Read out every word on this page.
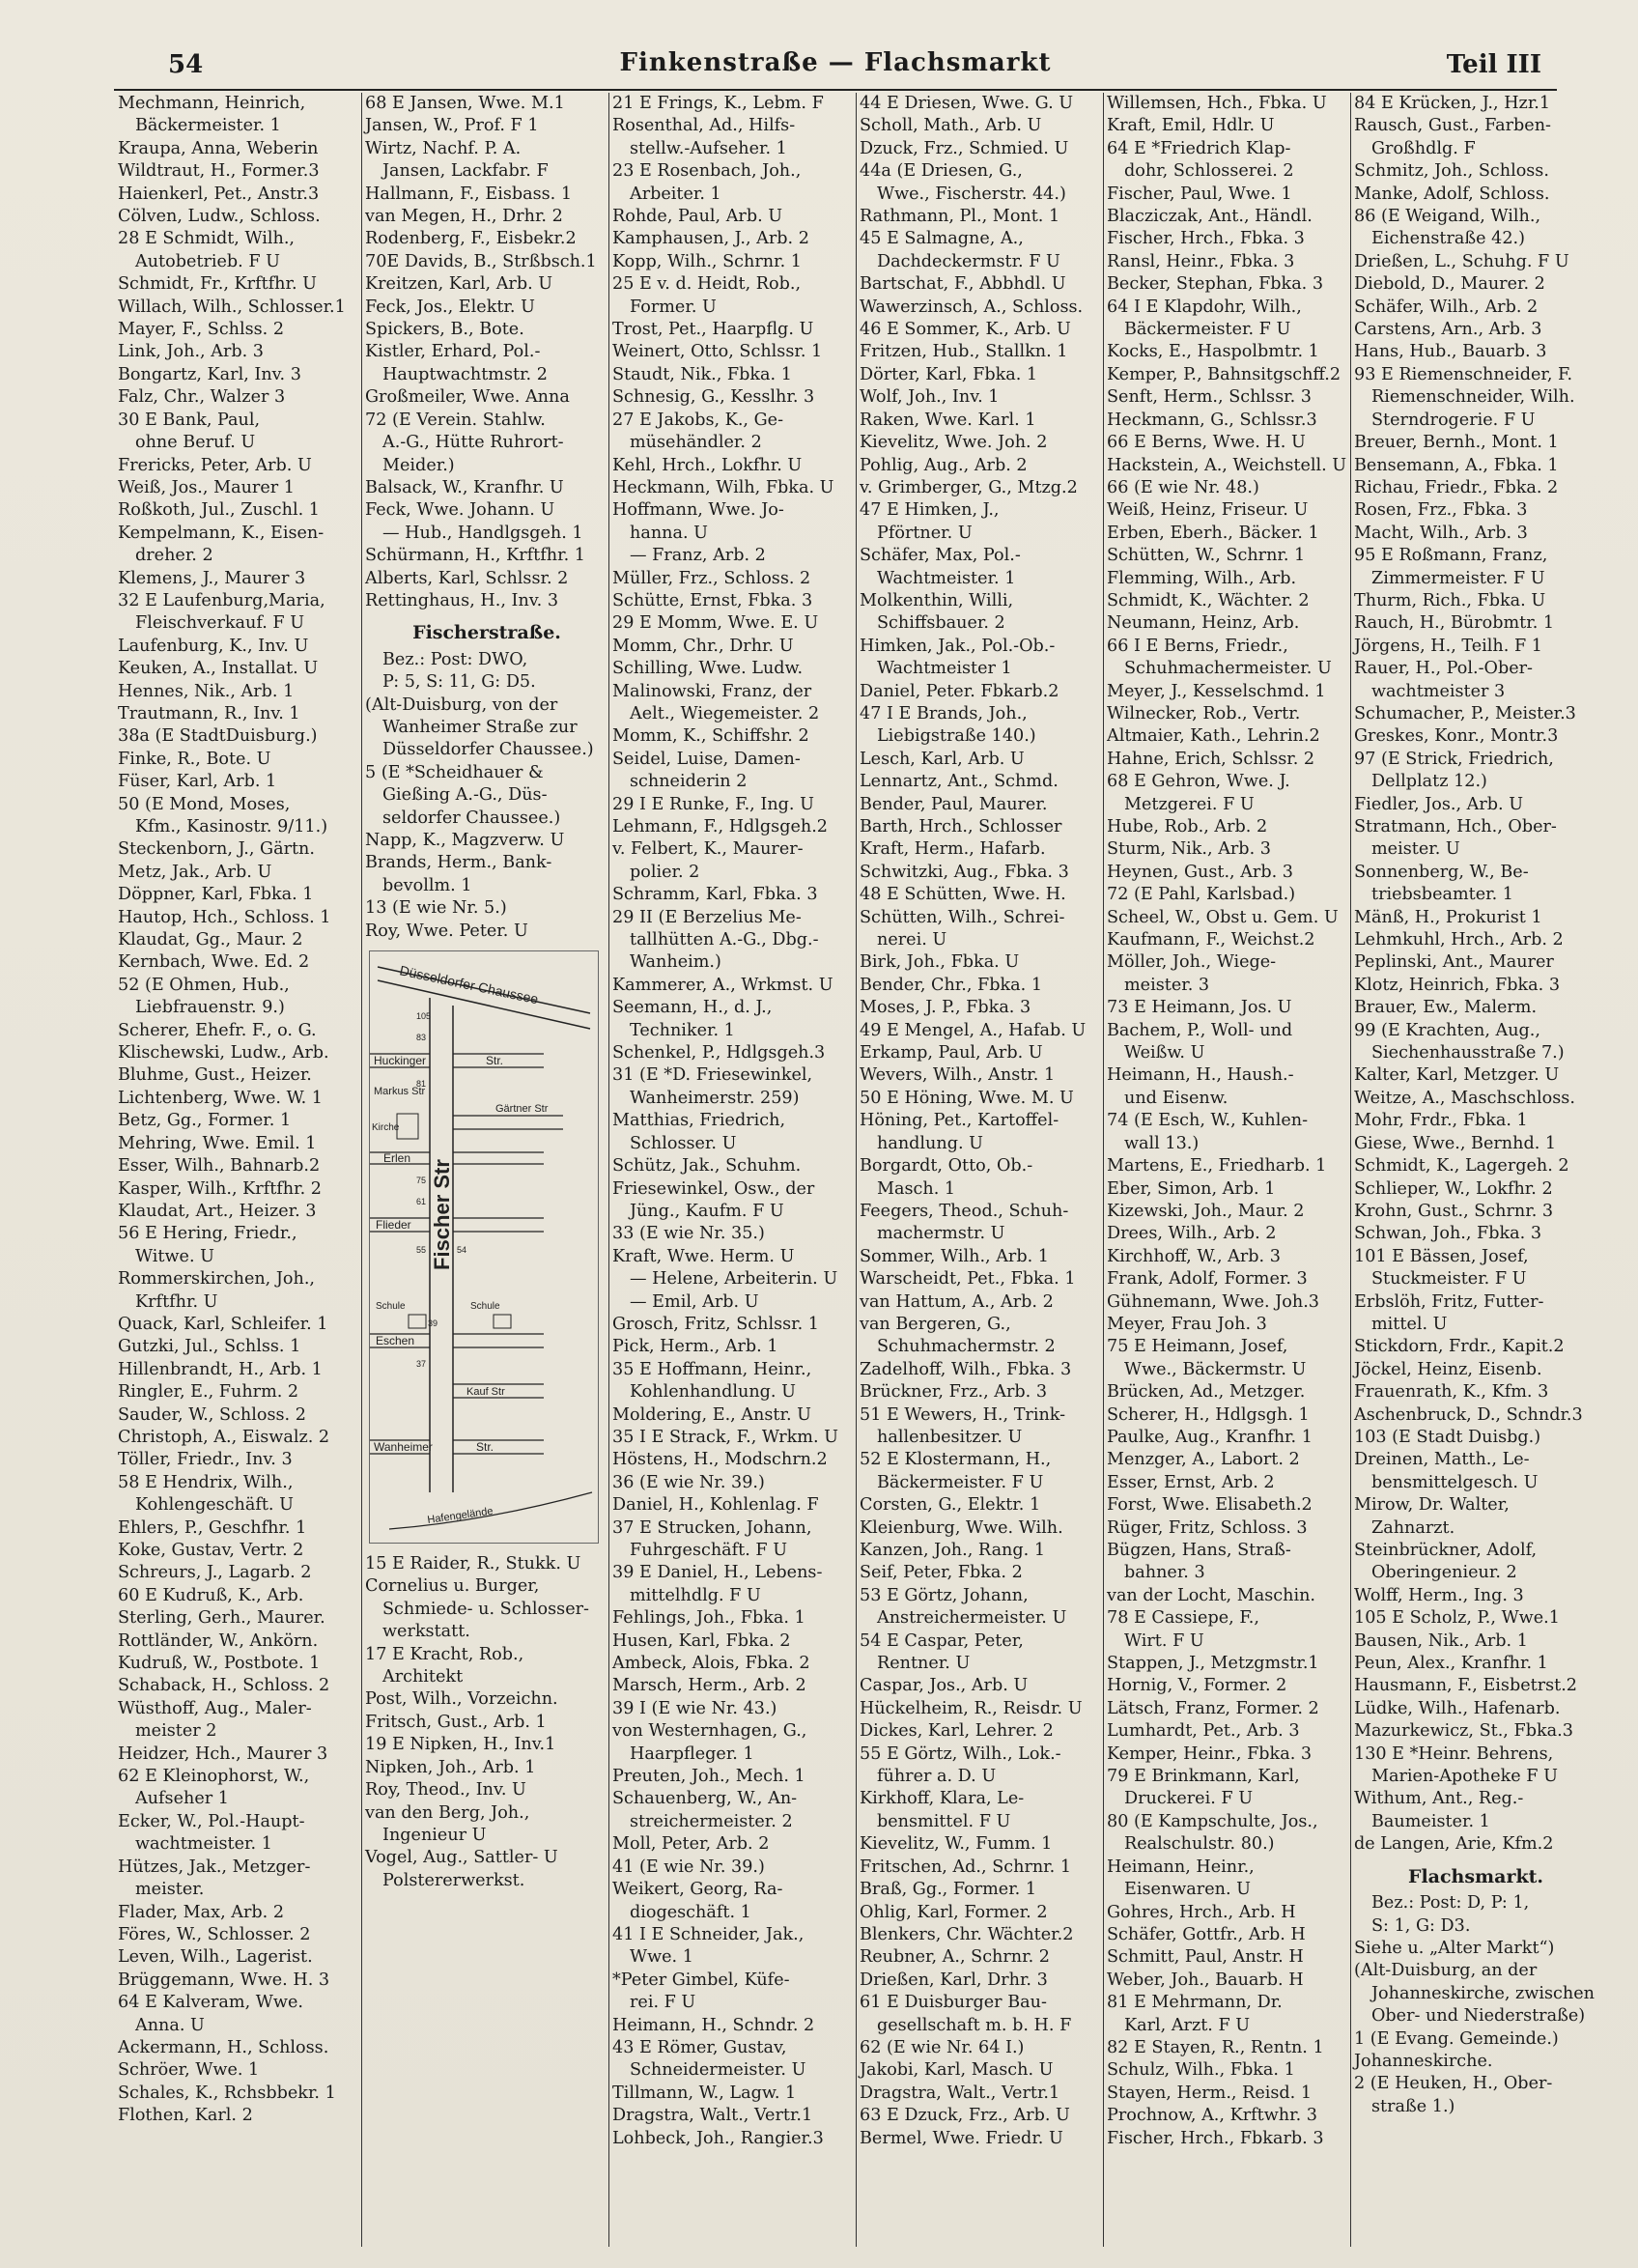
54	Finkenstraße — Flachsmarkt	Teil III
Mechmann, Heinrich,
Bäckermeister. 1
Kraupa, Anna, Weberin
Wildtraut, H., Former.3
Haienkerl, Pet., Anstr.3
Cölven, Ludw., Schloss.
28 E Schmidt, Wilh.,
Autobetrieb. F U
Schmidt, Fr., Krftfhr. U
Willach, Wilh., Schlosser.1
Mayer, F., Schlss. 2
Link, Joh., Arb. 3
Bongartz, Karl, Inv. 3
Falz, Chr., Walzer 3
30 E Bank, Paul,
ohne Beruf. U
Frericks, Peter, Arb. U
Weiß, Jos., Maurer 1
Roßkoth, Jul., Zuschl. 1
Kempelmann, K., Eisen-
dreher. 2
Klemens, J., Maurer 3
32 E Laufenburg,Maria,
Fleischverkauf. F U
Laufenburg, K., Inv. U
Keuken, A., Installat. U
Hennes, Nik., Arb. 1
Trautmann, R., Inv. 1
38a (E StadtDuisburg.)
Finke, R., Bote. U
Füser, Karl, Arb. 1
50 (E Mond, Moses,
Kfm., Kasinostr. 9/11.)
Steckenborn, J., Gärtn.
Metz, Jak., Arb. U
Döppner, Karl, Fbka. 1
Hautop, Hch., Schloss. 1
Klaudat, Gg., Maur. 2
Kernbach, Wwe. Ed. 2
52 (E Ohmen, Hub.,
Liebfrauenstr. 9.)
Scherer, Ehefr. F., o. G.
Klischewski, Ludw., Arb.
Bluhme, Gust., Heizer.
Lichtenberg, Wwe. W. 1
Betz, Gg., Former. 1
Mehring, Wwe. Emil. 1
Esser, Wilh., Bahnarb.2
Kasper, Wilh., Krftfhr. 2
Klaudat, Art., Heizer. 3
56 E Hering, Friedr.,
Witwe. U
Rommerskirchen, Joh.,
Krftfhr. U
Quack, Karl, Schleifer. 1
Gutzki, Jul., Schlss. 1
Hillenbrandt, H., Arb. 1
Ringler, E., Fuhrm. 2
Sauder, W., Schloss. 2
Christoph, A., Eiswalz. 2
Töller, Friedr., Inv. 3
58 E Hendrix, Wilh.,
Kohlengeschäft. U
Ehlers, P., Geschfhr. 1
Koke, Gustav, Vertr. 2
Schreurs, J., Lagarb. 2
60 E Kudruß, K., Arb.
Sterling, Gerh., Maurer.
Rottländer, W., Ankörn.
Kudruß, W., Postbote. 1
Schaback, H., Schloss. 2
Wüsthoff, Aug., Maler-
meister 2
Heidzer, Hch., Maurer 3
62 E Kleinophorst, W.,
Aufseher 1
Ecker, W., Pol.-Haupt-
wachtmeister. 1
Hützes, Jak., Metzger-
meister.
Flader, Max, Arb. 2
Föres, W., Schlosser. 2
Leven, Wilh., Lagerist.
Brüggemann, Wwe. H. 3
64 E Kalveram, Wwe.
Anna. U
Ackermann, H., Schloss.
Schröer, Wwe. 1
Schales, K., Rchsbbekr. 1
Flothen, Karl. 2
68 E Jansen, Wwe. M.1
Jansen, W., Prof. F 1
Wirtz, Nachf. P. A.
Jansen, Lackfabr. F
Hallmann, F., Eisbass. 1
van Megen, H., Drhr. 2
Rodenberg, F., Eisbekr.2
70E Davids, B., Strßbsch.1
Kreitzen, Karl, Arb. U
Feck, Jos., Elektr. U
Spickers, B., Bote.
Kistler, Erhard, Pol.-
Hauptwachtmstr. 2
Großmeiler, Wwe. Anna
72 (E Verein. Stahlw.
A.-G., Hütte Ruhrort-
Meider.)
Balsack, W., Kranfhr. U
Feck, Wwe. Johann. U
— Hub., Handlgsgeh. 1
Schürmann, H., Krftfhr. 1
Alberts, Karl, Schlssr. 2
Rettinghaus, H., Inv. 3
Fischerstraße.
Bez.: Post: DWO,
P: 5, S: 11, G: D5.
(Alt-Duisburg, von der
Wanheimer Straße zur
Düsseldorfer Chaussee.)
5 (E *Scheidhauer &
Gießing A.-G., Düs-
seldorfer Chaussee.)
Napp, K., Magzverw. U
Brands, Herm., Bank-
bevollm. 1
13 (E wie Nr. 5.)
Roy, Wwe. Peter. U
Düsseldorfer Chaussee
Huckinger	Str.
Markus Str
Kirche
Gärtner Str
Erlen
Fischer Str
Flieder
Schule	Schule
Eschen
Kauf Str
Wanheimer	Str.
Hafengelände
105
83
81
75
61
55	54
39
37
15 E Raider, R., Stukk. U
Cornelius u. Burger,
Schmiede- u. Schlosser-
werkstatt.
17 E Kracht, Rob.,
Architekt
Post, Wilh., Vorzeichn.
Fritsch, Gust., Arb. 1
19 E Nipken, H., Inv.1
Nipken, Joh., Arb. 1
Roy, Theod., Inv. U
van den Berg, Joh.,
Ingenieur U
Vogel, Aug., Sattler- U
Polstererwerkst.
21 E Frings, K., Lebm. F
Rosenthal, Ad., Hilfs-
stellw.-Aufseher. 1
23 E Rosenbach, Joh.,
Arbeiter. 1
Rohde, Paul, Arb. U
Kamphausen, J., Arb. 2
Kopp, Wilh., Schrnr. 1
25 E v. d. Heidt, Rob.,
Former. U
Trost, Pet., Haarpflg. U
Weinert, Otto, Schlssr. 1
Staudt, Nik., Fbka. 1
Schnesig, G., Kesslhr. 3
27 E Jakobs, K., Ge-
müsehändler. 2
Kehl, Hrch., Lokfhr. U
Heckmann, Wilh, Fbka. U
Hoffmann, Wwe. Jo-
hanna. U
— Franz, Arb. 2
Müller, Frz., Schloss. 2
Schütte, Ernst, Fbka. 3
29 E Momm, Wwe. E. U
Momm, Chr., Drhr. U
Schilling, Wwe. Ludw.
Malinowski, Franz, der
Aelt., Wiegemeister. 2
Momm, K., Schiffshr. 2
Seidel, Luise, Damen-
schneiderin 2
29 I E Runke, F., Ing. U
Lehmann, F., Hdlgsgeh.2
v. Felbert, K., Maurer-
polier. 2
Schramm, Karl, Fbka. 3
29 II (E Berzelius Me-
tallhütten A.-G., Dbg.-
Wanheim.)
Kammerer, A., Wrkmst. U
Seemann, H., d. J.,
Techniker. 1
Schenkel, P., Hdlgsgeh.3
31 (E *D. Friesewinkel,
Wanheimerstr. 259)
Matthias, Friedrich,
Schlosser. U
Schütz, Jak., Schuhm.
Friesewinkel, Osw., der
Jüng., Kaufm. F U
33 (E wie Nr. 35.)
Kraft, Wwe. Herm. U
— Helene, Arbeiterin. U
— Emil, Arb. U
Grosch, Fritz, Schlssr. 1
Pick, Herm., Arb. 1
35 E Hoffmann, Heinr.,
Kohlenhandlung. U
Moldering, E., Anstr. U
35 I E Strack, F., Wrkm. U
Höstens, H., Modschrn.2
36 (E wie Nr. 39.)
Daniel, H., Kohlenlag. F
37 E Strucken, Johann,
Fuhrgeschäft. F U
39 E Daniel, H., Lebens-
mittelhdlg. F U
Fehlings, Joh., Fbka. 1
Husen, Karl, Fbka. 2
Ambeck, Alois, Fbka. 2
Marsch, Herm., Arb. 2
39 I (E wie Nr. 43.)
von Westernhagen, G.,
Haarpfleger. 1
Preuten, Joh., Mech. 1
Schauenberg, W., An-
streichermeister. 2
Moll, Peter, Arb. 2
41 (E wie Nr. 39.)
Weikert, Georg, Ra-
diogeschäft. 1
41 I E Schneider, Jak.,
Wwe. 1
*Peter Gimbel, Küfe-
rei. F U
Heimann, H., Schndr. 2
43 E Römer, Gustav,
Schneidermeister. U
Tillmann, W., Lagw. 1
Dragstra, Walt., Vertr.1
Lohbeck, Joh., Rangier.3
44 E Driesen, Wwe. G. U
Scholl, Math., Arb. U
Dzuck, Frz., Schmied. U
44a (E Driesen, G.,
Wwe., Fischerstr. 44.)
Rathmann, Pl., Mont. 1
45 E Salmagne, A.,
Dachdeckermstr. F U
Bartschat, F., Abbhdl. U
Wawerzinsch, A., Schloss.
46 E Sommer, K., Arb. U
Fritzen, Hub., Stallkn. 1
Dörter, Karl, Fbka. 1
Wolf, Joh., Inv. 1
Raken, Wwe. Karl. 1
Kievelitz, Wwe. Joh. 2
Pohlig, Aug., Arb. 2
v. Grimberger, G., Mtzg.2
47 E Himken, J.,
Pförtner. U
Schäfer, Max, Pol.-
Wachtmeister. 1
Molkenthin, Willi,
Schiffsbauer. 2
Himken, Jak., Pol.-Ob.-
Wachtmeister 1
Daniel, Peter. Fbkarb.2
47 I E Brands, Joh.,
Liebigstraße 140.)
Lesch, Karl, Arb. U
Lennartz, Ant., Schmd.
Bender, Paul, Maurer.
Barth, Hrch., Schlosser
Kraft, Herm., Hafarb.
Schwitzki, Aug., Fbka. 3
48 E Schütten, Wwe. H.
Schütten, Wilh., Schrei-
nerei. U
Birk, Joh., Fbka. U
Bender, Chr., Fbka. 1
Moses, J. P., Fbka. 3
49 E Mengel, A., Hafab. U
Erkamp, Paul, Arb. U
Wevers, Wilh., Anstr. 1
50 E Höning, Wwe. M. U
Höning, Pet., Kartoffel-
handlung. U
Borgardt, Otto, Ob.-
Masch. 1
Feegers, Theod., Schuh-
machermstr. U
Sommer, Wilh., Arb. 1
Warscheidt, Pet., Fbka. 1
van Hattum, A., Arb. 2
van Bergeren, G.,
Schuhmachermstr. 2
Zadelhoff, Wilh., Fbka. 3
Brückner, Frz., Arb. 3
51 E Wewers, H., Trink-
hallenbesitzer. U
52 E Klostermann, H.,
Bäckermeister. F U
Corsten, G., Elektr. 1
Kleienburg, Wwe. Wilh.
Kanzen, Joh., Rang. 1
Seif, Peter, Fbka. 2
53 E Görtz, Johann,
Anstreichermeister. U
54 E Caspar, Peter,
Rentner. U
Caspar, Jos., Arb. U
Hückelheim, R., Reisdr. U
Dickes, Karl, Lehrer. 2
55 E Görtz, Wilh., Lok.-
führer a. D. U
Kirkhoff, Klara, Le-
bensmittel. F U
Kievelitz, W., Fumm. 1
Fritschen, Ad., Schrnr. 1
Braß, Gg., Former. 1
Ohlig, Karl, Former. 2
Blenkers, Chr. Wächter.2
Reubner, A., Schrnr. 2
Drießen, Karl, Drhr. 3
61 E Duisburger Bau-
gesellschaft m. b. H. F
62 (E wie Nr. 64 I.)
Jakobi, Karl, Masch. U
Dragstra, Walt., Vertr.1
63 E Dzuck, Frz., Arb. U
Bermel, Wwe. Friedr. U
Willemsen, Hch., Fbka. U
Kraft, Emil, Hdlr. U
64 E *Friedrich Klap-
dohr, Schlosserei. 2
Fischer, Paul, Wwe. 1
Blacziczak, Ant., Händl.
Fischer, Hrch., Fbka. 3
Ransl, Heinr., Fbka. 3
Becker, Stephan, Fbka. 3
64 I E Klapdohr, Wilh.,
Bäckermeister. F U
Kocks, E., Haspolbmtr. 1
Kemper, P., Bahnsitgschff.2
Senft, Herm., Schlssr. 3
Heckmann, G., Schlssr.3
66 E Berns, Wwe. H. U
Hackstein, A., Weichstell. U
66 (E wie Nr. 48.)
Weiß, Heinz, Friseur. U
Erben, Eberh., Bäcker. 1
Schütten, W., Schrnr. 1
Flemming, Wilh., Arb.
Schmidt, K., Wächter. 2
Neumann, Heinz, Arb.
66 I E Berns, Friedr.,
Schuhmachermeister. U
Meyer, J., Kesselschmd. 1
Wilnecker, Rob., Vertr.
Altmaier, Kath., Lehrin.2
Hahne, Erich, Schlssr. 2
68 E Gehron, Wwe. J.
Metzgerei. F U
Hube, Rob., Arb. 2
Sturm, Nik., Arb. 3
Heynen, Gust., Arb. 3
72 (E Pahl, Karlsbad.)
Scheel, W., Obst u. Gem. U
Kaufmann, F., Weichst.2
Möller, Joh., Wiege-
meister. 3
73 E Heimann, Jos. U
Bachem, P., Woll- und
Weißw. U
Heimann, H., Haush.-
und Eisenw.
74 (E Esch, W., Kuhlen-
wall 13.)
Martens, E., Friedharb. 1
Eber, Simon, Arb. 1
Kizewski, Joh., Maur. 2
Drees, Wilh., Arb. 2
Kirchhoff, W., Arb. 3
Frank, Adolf, Former. 3
Gühnemann, Wwe. Joh.3
Meyer, Frau Joh. 3
75 E Heimann, Josef,
Wwe., Bäckermstr. U
Brücken, Ad., Metzger.
Scherer, H., Hdlgsgh. 1
Paulke, Aug., Kranfhr. 1
Menzger, A., Labort. 2
Esser, Ernst, Arb. 2
Forst, Wwe. Elisabeth.2
Rüger, Fritz, Schloss. 3
Bügzen, Hans, Straß-
bahner. 3
van der Locht, Maschin.
78 E Cassiepe, F.,
Wirt. F U
Stappen, J., Metzgmstr.1
Hornig, V., Former. 2
Lätsch, Franz, Former. 2
Lumhardt, Pet., Arb. 3
Kemper, Heinr., Fbka. 3
79 E Brinkmann, Karl,
Druckerei. F U
80 (E Kampschulte, Jos.,
Realschulstr. 80.)
Heimann, Heinr.,
Eisenwaren. U
Gohres, Hrch., Arb. H
Schäfer, Gottfr., Arb. H
Schmitt, Paul, Anstr. H
Weber, Joh., Bauarb. H
81 E Mehrmann, Dr.
Karl, Arzt. F U
82 E Stayen, R., Rentn. 1
Schulz, Wilh., Fbka. 1
Stayen, Herm., Reisd. 1
Prochnow, A., Krftwhr. 3
Fischer, Hrch., Fbkarb. 3
84 E Krücken, J., Hzr.1
Rausch, Gust., Farben-
Großhdlg. F
Schmitz, Joh., Schloss.
Manke, Adolf, Schloss.
86 (E Weigand, Wilh.,
Eichenstraße 42.)
Drießen, L., Schuhg. F U
Diebold, D., Maurer. 2
Schäfer, Wilh., Arb. 2
Carstens, Arn., Arb. 3
Hans, Hub., Bauarb. 3
93 E Riemenschneider, F.
Riemenschneider, Wilh.
Sterndrogerie. F U
Breuer, Bernh., Mont. 1
Bensemann, A., Fbka. 1
Richau, Friedr., Fbka. 2
Rosen, Frz., Fbka. 3
Macht, Wilh., Arb. 3
95 E Roßmann, Franz,
Zimmermeister. F U
Thurm, Rich., Fbka. U
Rauch, H., Bürobmtr. 1
Jörgens, H., Teilh. F 1
Rauer, H., Pol.-Ober-
wachtmeister 3
Schumacher, P., Meister.3
Greskes, Konr., Montr.3
97 (E Strick, Friedrich,
Dellplatz 12.)
Fiedler, Jos., Arb. U
Stratmann, Hch., Ober-
meister. U
Sonnenberg, W., Be-
triebsbeamter. 1
Mänß, H., Prokurist 1
Lehmkuhl, Hrch., Arb. 2
Peplinski, Ant., Maurer
Klotz, Heinrich, Fbka. 3
Brauer, Ew., Malerm.
99 (E Krachten, Aug.,
Siechenhausstraße 7.)
Kalter, Karl, Metzger. U
Weitze, A., Maschschloss.
Mohr, Frdr., Fbka. 1
Giese, Wwe., Bernhd. 1
Schmidt, K., Lagergeh. 2
Schlieper, W., Lokfhr. 2
Krohn, Gust., Schrnr. 3
Schwan, Joh., Fbka. 3
101 E Bässen, Josef,
Stuckmeister. F U
Erbslöh, Fritz, Futter-
mittel. U
Stickdorn, Frdr., Kapit.2
Jöckel, Heinz, Eisenb.
Frauenrath, K., Kfm. 3
Aschenbruck, D., Schndr.3
103 (E Stadt Duisbg.)
Dreinen, Matth., Le-
bensmittelgesch. U
Mirow, Dr. Walter,
Zahnarzt.
Steinbrückner, Adolf,
Oberingenieur. 2
Wolff, Herm., Ing. 3
105 E Scholz, P., Wwe.1
Bausen, Nik., Arb. 1
Peun, Alex., Kranfhr. 1
Hausmann, F., Eisbetrst.2
Lüdke, Wilh., Hafenarb.
Mazurkewicz, St., Fbka.3
130 E *Heinr. Behrens,
Marien-Apotheke F U
Withum, Ant., Reg.-
Baumeister. 1
de Langen, Arie, Kfm.2
Flachsmarkt.
Bez.: Post: D, P: 1,
S: 1, G: D3.
Siehe u. „Alter Markt“)
(Alt-Duisburg, an der
Johanneskirche, zwischen
Ober- und Niederstraße)
1 (E Evang. Gemeinde.)
Johanneskirche.
2 (E Heuken, H., Ober-
straße 1.)
